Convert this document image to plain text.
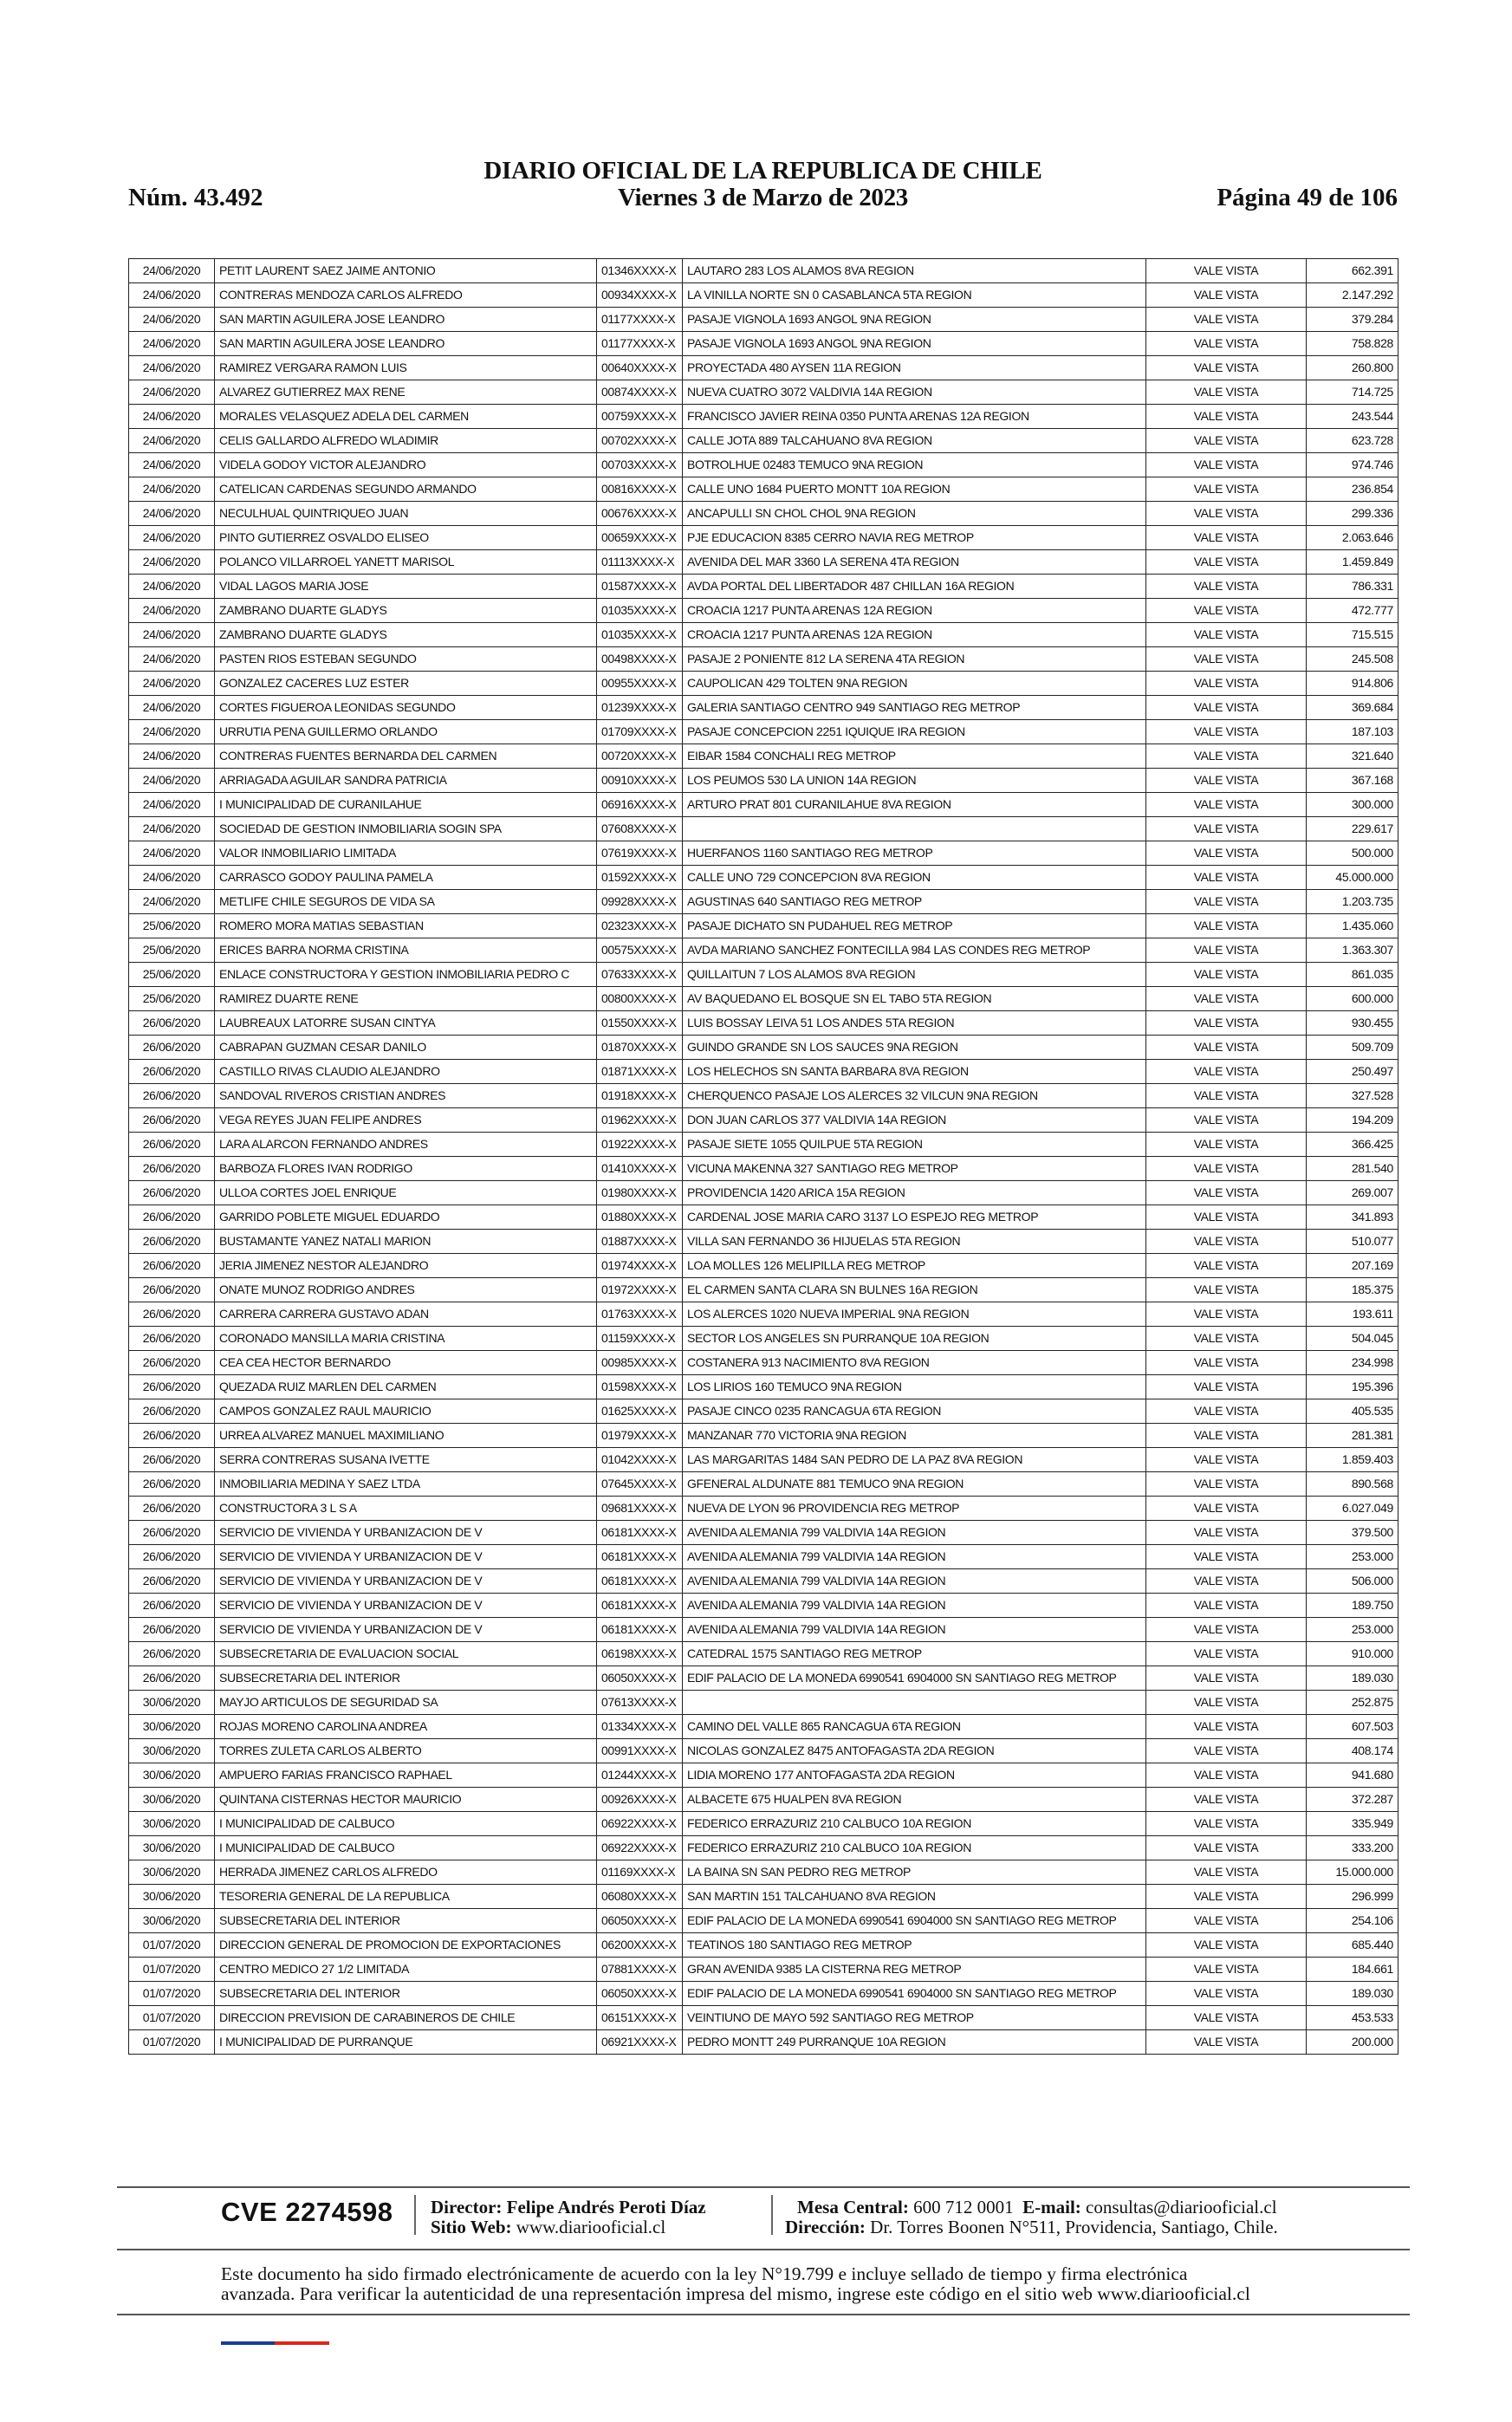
DIARIO OFICIAL DE LA REPUBLICA DE CHILE
Viernes 3 de Marzo de 2023
Núm. 43.492	Página 49 de 106
24/06/2020	PETIT LAURENT SAEZ JAIME ANTONIO	01346XXXX-X	LAUTARO 283 LOS ALAMOS 8VA REGION	VALE VISTA	662.391
24/06/2020	CONTRERAS MENDOZA CARLOS ALFREDO	00934XXXX-X	LA VINILLA NORTE SN 0 CASABLANCA 5TA REGION	VALE VISTA	2.147.292
24/06/2020	SAN MARTIN AGUILERA JOSE LEANDRO	01177XXXX-X	PASAJE VIGNOLA 1693 ANGOL 9NA REGION	VALE VISTA	379.284
24/06/2020	SAN MARTIN AGUILERA JOSE LEANDRO	01177XXXX-X	PASAJE VIGNOLA 1693 ANGOL 9NA REGION	VALE VISTA	758.828
24/06/2020	RAMIREZ VERGARA RAMON LUIS	00640XXXX-X	PROYECTADA 480 AYSEN 11A REGION	VALE VISTA	260.800
24/06/2020	ALVAREZ GUTIERREZ MAX RENE	00874XXXX-X	NUEVA CUATRO 3072 VALDIVIA 14A REGION	VALE VISTA	714.725
24/06/2020	MORALES VELASQUEZ ADELA DEL CARMEN	00759XXXX-X	FRANCISCO JAVIER REINA 0350 PUNTA ARENAS 12A REGION	VALE VISTA	243.544
24/06/2020	CELIS GALLARDO ALFREDO WLADIMIR	00702XXXX-X	CALLE JOTA 889 TALCAHUANO 8VA REGION	VALE VISTA	623.728
24/06/2020	VIDELA GODOY VICTOR ALEJANDRO	00703XXXX-X	BOTROLHUE 02483 TEMUCO 9NA REGION	VALE VISTA	974.746
24/06/2020	CATELICAN CARDENAS SEGUNDO ARMANDO	00816XXXX-X	CALLE UNO 1684 PUERTO MONTT 10A REGION	VALE VISTA	236.854
24/06/2020	NECULHUAL QUINTRIQUEO JUAN	00676XXXX-X	ANCAPULLI SN CHOL CHOL 9NA REGION	VALE VISTA	299.336
24/06/2020	PINTO GUTIERREZ OSVALDO ELISEO	00659XXXX-X	PJE EDUCACION 8385 CERRO NAVIA REG METROP	VALE VISTA	2.063.646
24/06/2020	POLANCO VILLARROEL YANETT MARISOL	01113XXXX-X	AVENIDA DEL MAR 3360 LA SERENA 4TA REGION	VALE VISTA	1.459.849
24/06/2020	VIDAL LAGOS MARIA JOSE	01587XXXX-X	AVDA PORTAL DEL LIBERTADOR 487 CHILLAN 16A REGION	VALE VISTA	786.331
24/06/2020	ZAMBRANO DUARTE GLADYS	01035XXXX-X	CROACIA 1217 PUNTA ARENAS 12A REGION	VALE VISTA	472.777
24/06/2020	ZAMBRANO DUARTE GLADYS	01035XXXX-X	CROACIA 1217 PUNTA ARENAS 12A REGION	VALE VISTA	715.515
24/06/2020	PASTEN RIOS ESTEBAN SEGUNDO	00498XXXX-X	PASAJE 2 PONIENTE 812 LA SERENA 4TA REGION	VALE VISTA	245.508
24/06/2020	GONZALEZ CACERES LUZ ESTER	00955XXXX-X	CAUPOLICAN 429 TOLTEN 9NA REGION	VALE VISTA	914.806
24/06/2020	CORTES FIGUEROA LEONIDAS SEGUNDO	01239XXXX-X	GALERIA SANTIAGO CENTRO 949 SANTIAGO REG METROP	VALE VISTA	369.684
24/06/2020	URRUTIA PENA GUILLERMO ORLANDO	01709XXXX-X	PASAJE CONCEPCION 2251 IQUIQUE IRA REGION	VALE VISTA	187.103
24/06/2020	CONTRERAS FUENTES BERNARDA DEL CARMEN	00720XXXX-X	EIBAR 1584 CONCHALI REG METROP	VALE VISTA	321.640
24/06/2020	ARRIAGADA AGUILAR SANDRA PATRICIA	00910XXXX-X	LOS PEUMOS 530 LA UNION 14A REGION	VALE VISTA	367.168
24/06/2020	I MUNICIPALIDAD DE CURANILAHUE	06916XXXX-X	ARTURO PRAT 801 CURANILAHUE 8VA REGION	VALE VISTA	300.000
24/06/2020	SOCIEDAD DE GESTION INMOBILIARIA SOGIN SPA	07608XXXX-X		VALE VISTA	229.617
24/06/2020	VALOR INMOBILIARIO LIMITADA	07619XXXX-X	HUERFANOS 1160 SANTIAGO REG METROP	VALE VISTA	500.000
24/06/2020	CARRASCO GODOY PAULINA PAMELA	01592XXXX-X	CALLE UNO 729 CONCEPCION 8VA REGION	VALE VISTA	45.000.000
24/06/2020	METLIFE CHILE SEGUROS DE VIDA SA	09928XXXX-X	AGUSTINAS 640 SANTIAGO REG METROP	VALE VISTA	1.203.735
25/06/2020	ROMERO MORA MATIAS SEBASTIAN	02323XXXX-X	PASAJE DICHATO SN PUDAHUEL REG METROP	VALE VISTA	1.435.060
25/06/2020	ERICES BARRA NORMA CRISTINA	00575XXXX-X	AVDA MARIANO SANCHEZ FONTECILLA 984 LAS CONDES REG METROP	VALE VISTA	1.363.307
25/06/2020	ENLACE CONSTRUCTORA Y GESTION INMOBILIARIA PEDRO C	07633XXXX-X	QUILLAITUN 7 LOS ALAMOS 8VA REGION	VALE VISTA	861.035
25/06/2020	RAMIREZ DUARTE RENE	00800XXXX-X	AV BAQUEDANO EL BOSQUE SN EL TABO 5TA REGION	VALE VISTA	600.000
26/06/2020	LAUBREAUX LATORRE SUSAN CINTYA	01550XXXX-X	LUIS BOSSAY LEIVA 51 LOS ANDES 5TA REGION	VALE VISTA	930.455
26/06/2020	CABRAPAN GUZMAN CESAR DANILO	01870XXXX-X	GUINDO GRANDE SN LOS SAUCES 9NA REGION	VALE VISTA	509.709
26/06/2020	CASTILLO RIVAS CLAUDIO ALEJANDRO	01871XXXX-X	LOS HELECHOS SN SANTA BARBARA 8VA REGION	VALE VISTA	250.497
26/06/2020	SANDOVAL RIVEROS CRISTIAN ANDRES	01918XXXX-X	CHERQUENCO PASAJE LOS ALERCES 32 VILCUN 9NA REGION	VALE VISTA	327.528
26/06/2020	VEGA REYES JUAN FELIPE ANDRES	01962XXXX-X	DON JUAN CARLOS 377 VALDIVIA 14A REGION	VALE VISTA	194.209
26/06/2020	LARA ALARCON FERNANDO ANDRES	01922XXXX-X	PASAJE SIETE 1055 QUILPUE 5TA REGION	VALE VISTA	366.425
26/06/2020	BARBOZA FLORES IVAN RODRIGO	01410XXXX-X	VICUNA MAKENNA 327 SANTIAGO REG METROP	VALE VISTA	281.540
26/06/2020	ULLOA CORTES JOEL ENRIQUE	01980XXXX-X	PROVIDENCIA 1420 ARICA 15A REGION	VALE VISTA	269.007
26/06/2020	GARRIDO POBLETE MIGUEL EDUARDO	01880XXXX-X	CARDENAL JOSE MARIA CARO 3137 LO ESPEJO REG METROP	VALE VISTA	341.893
26/06/2020	BUSTAMANTE YANEZ NATALI MARION	01887XXXX-X	VILLA SAN FERNANDO 36 HIJUELAS 5TA REGION	VALE VISTA	510.077
26/06/2020	JERIA JIMENEZ NESTOR ALEJANDRO	01974XXXX-X	LOA MOLLES 126 MELIPILLA REG METROP	VALE VISTA	207.169
26/06/2020	ONATE MUNOZ RODRIGO ANDRES	01972XXXX-X	EL CARMEN SANTA CLARA SN BULNES 16A REGION	VALE VISTA	185.375
26/06/2020	CARRERA CARRERA GUSTAVO ADAN	01763XXXX-X	LOS ALERCES 1020 NUEVA IMPERIAL 9NA REGION	VALE VISTA	193.611
26/06/2020	CORONADO MANSILLA MARIA CRISTINA	01159XXXX-X	SECTOR LOS ANGELES SN PURRANQUE 10A REGION	VALE VISTA	504.045
26/06/2020	CEA CEA HECTOR BERNARDO	00985XXXX-X	COSTANERA 913 NACIMIENTO 8VA REGION	VALE VISTA	234.998
26/06/2020	QUEZADA RUIZ MARLEN DEL CARMEN	01598XXXX-X	LOS LIRIOS 160 TEMUCO 9NA REGION	VALE VISTA	195.396
26/06/2020	CAMPOS GONZALEZ RAUL MAURICIO	01625XXXX-X	PASAJE CINCO 0235 RANCAGUA 6TA REGION	VALE VISTA	405.535
26/06/2020	URREA ALVAREZ MANUEL MAXIMILIANO	01979XXXX-X	MANZANAR 770 VICTORIA 9NA REGION	VALE VISTA	281.381
26/06/2020	SERRA CONTRERAS SUSANA IVETTE	01042XXXX-X	LAS MARGARITAS 1484 SAN PEDRO DE LA PAZ 8VA REGION	VALE VISTA	1.859.403
26/06/2020	INMOBILIARIA MEDINA Y SAEZ LTDA	07645XXXX-X	GFENERAL ALDUNATE 881 TEMUCO 9NA REGION	VALE VISTA	890.568
26/06/2020	CONSTRUCTORA 3 L S A	09681XXXX-X	NUEVA DE LYON 96 PROVIDENCIA REG METROP	VALE VISTA	6.027.049
26/06/2020	SERVICIO DE VIVIENDA Y URBANIZACION DE V	06181XXXX-X	AVENIDA ALEMANIA 799 VALDIVIA 14A REGION	VALE VISTA	379.500
26/06/2020	SERVICIO DE VIVIENDA Y URBANIZACION DE V	06181XXXX-X	AVENIDA ALEMANIA 799 VALDIVIA 14A REGION	VALE VISTA	253.000
26/06/2020	SERVICIO DE VIVIENDA Y URBANIZACION DE V	06181XXXX-X	AVENIDA ALEMANIA 799 VALDIVIA 14A REGION	VALE VISTA	506.000
26/06/2020	SERVICIO DE VIVIENDA Y URBANIZACION DE V	06181XXXX-X	AVENIDA ALEMANIA 799 VALDIVIA 14A REGION	VALE VISTA	189.750
26/06/2020	SERVICIO DE VIVIENDA Y URBANIZACION DE V	06181XXXX-X	AVENIDA ALEMANIA 799 VALDIVIA 14A REGION	VALE VISTA	253.000
26/06/2020	SUBSECRETARIA DE EVALUACION SOCIAL	06198XXXX-X	CATEDRAL 1575 SANTIAGO REG METROP	VALE VISTA	910.000
26/06/2020	SUBSECRETARIA DEL INTERIOR	06050XXXX-X	EDIF PALACIO DE LA MONEDA 6990541 6904000 SN SANTIAGO REG METROP	VALE VISTA	189.030
30/06/2020	MAYJO ARTICULOS DE SEGURIDAD SA	07613XXXX-X		VALE VISTA	252.875
30/06/2020	ROJAS MORENO CAROLINA ANDREA	01334XXXX-X	CAMINO DEL VALLE 865 RANCAGUA 6TA REGION	VALE VISTA	607.503
30/06/2020	TORRES ZULETA CARLOS ALBERTO	00991XXXX-X	NICOLAS GONZALEZ 8475 ANTOFAGASTA 2DA REGION	VALE VISTA	408.174
30/06/2020	AMPUERO FARIAS FRANCISCO RAPHAEL	01244XXXX-X	LIDIA MORENO 177 ANTOFAGASTA 2DA REGION	VALE VISTA	941.680
30/06/2020	QUINTANA CISTERNAS HECTOR MAURICIO	00926XXXX-X	ALBACETE 675 HUALPEN 8VA REGION	VALE VISTA	372.287
30/06/2020	I MUNICIPALIDAD DE CALBUCO	06922XXXX-X	FEDERICO ERRAZURIZ 210 CALBUCO 10A REGION	VALE VISTA	335.949
30/06/2020	I MUNICIPALIDAD DE CALBUCO	06922XXXX-X	FEDERICO ERRAZURIZ 210 CALBUCO 10A REGION	VALE VISTA	333.200
30/06/2020	HERRADA JIMENEZ CARLOS ALFREDO	01169XXXX-X	LA BAINA SN SAN PEDRO REG METROP	VALE VISTA	15.000.000
30/06/2020	TESORERIA GENERAL DE LA REPUBLICA	06080XXXX-X	SAN MARTIN 151 TALCAHUANO 8VA REGION	VALE VISTA	296.999
30/06/2020	SUBSECRETARIA DEL INTERIOR	06050XXXX-X	EDIF PALACIO DE LA MONEDA 6990541 6904000 SN SANTIAGO REG METROP	VALE VISTA	254.106
01/07/2020	DIRECCION GENERAL DE PROMOCION DE EXPORTACIONES	06200XXXX-X	TEATINOS 180 SANTIAGO REG METROP	VALE VISTA	685.440
01/07/2020	CENTRO MEDICO 27 1/2 LIMITADA	07881XXXX-X	GRAN AVENIDA 9385 LA CISTERNA REG METROP	VALE VISTA	184.661
01/07/2020	SUBSECRETARIA DEL INTERIOR	06050XXXX-X	EDIF PALACIO DE LA MONEDA 6990541 6904000 SN SANTIAGO REG METROP	VALE VISTA	189.030
01/07/2020	DIRECCION PREVISION DE CARABINEROS DE CHILE	06151XXXX-X	VEINTIUNO DE MAYO 592 SANTIAGO REG METROP	VALE VISTA	453.533
01/07/2020	I MUNICIPALIDAD DE PURRANQUE	06921XXXX-X	PEDRO MONTT 249 PURRANQUE 10A REGION	VALE VISTA	200.000
CVE 2274598 Director: Felipe Andrés Peroti Díaz
Sitio Web: www.diariooficial.cl
Mesa Central: 600 712 0001 E-mail: consultas@diariooficial.cl
Dirección: Dr. Torres Boonen N°511, Providencia, Santiago, Chile.
Este documento ha sido firmado electrónicamente de acuerdo con la ley N°19.799 e incluye sellado de tiempo y firma electrónica
avanzada. Para verificar la autenticidad de una representación impresa del mismo, ingrese este código en el sitio web www.diariooficial.cl
